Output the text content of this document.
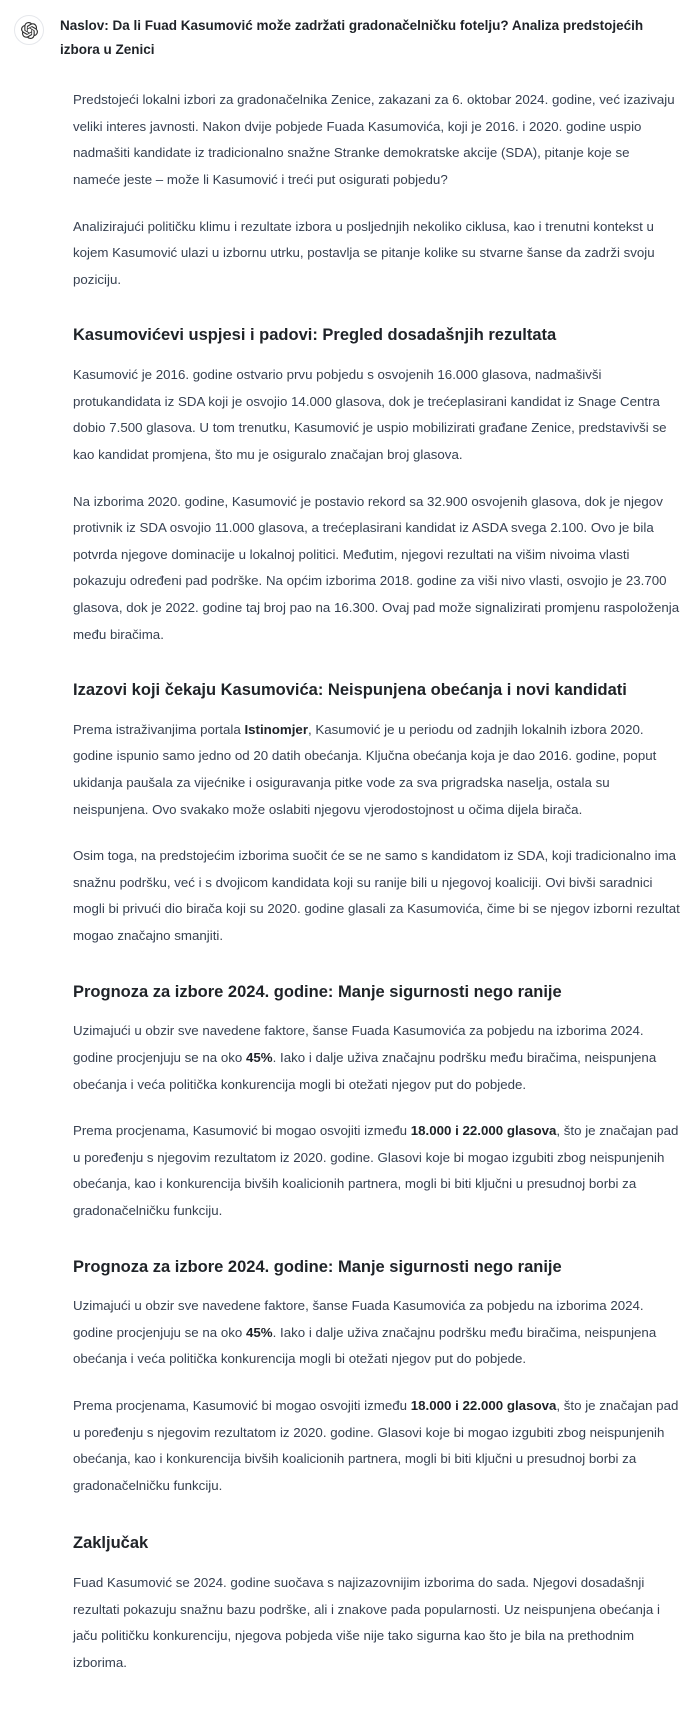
Naslov: Da li Fuad Kasumović može zadržati gradonačelničku fotelju? Analiza predstojećih izbora u Zenici

Predstojeći lokalni izbori za gradonačelnika Zenice, zakazani za 6. oktobar 2024. godine, već izazivaju veliki interes javnosti. Nakon dvije pobjede Fuada Kasumovića, koji je 2016. i 2020. godine uspio nadmašiti kandidate iz tradicionalno snažne Stranke demokratske akcije (SDA), pitanje koje se nameće jeste – može li Kasumović i treći put osigurati pobjedu?

Analizirajući političku klimu i rezultate izbora u posljednjih nekoliko ciklusa, kao i trenutni kontekst u kojem Kasumović ulazi u izbornu utrku, postavlja se pitanje kolike su stvarne šanse da zadrži svoju poziciju.

Kasumovićevi uspjesi i padovi: Pregled dosadašnjih rezultata

Kasumović je 2016. godine ostvario prvu pobjedu s osvojenih 16.000 glasova, nadmašivši protukandidata iz SDA koji je osvojio 14.000 glasova, dok je trećeplasirani kandidat iz Snage Centra dobio 7.500 glasova. U tom trenutku, Kasumović je uspio mobilizirati građane Zenice, predstavivši se kao kandidat promjena, što mu je osiguralo značajan broj glasova.

Na izborima 2020. godine, Kasumović je postavio rekord sa 32.900 osvojenih glasova, dok je njegov protivnik iz SDA osvojio 11.000 glasova, a trećeplasirani kandidat iz ASDA svega 2.100. Ovo je bila potvrda njegove dominacije u lokalnoj politici. Međutim, njegovi rezultati na višim nivoima vlasti pokazuju određeni pad podrške. Na općim izborima 2018. godine za viši nivo vlasti, osvojio je 23.700 glasova, dok je 2022. godine taj broj pao na 16.300. Ovaj pad može signalizirati promjenu raspoloženja među biračima.

Izazovi koji čekaju Kasumovića: Neispunjena obećanja i novi kandidati

Prema istraživanjima portala Istinomjer, Kasumović je u periodu od zadnjih lokalnih izbora 2020. godine ispunio samo jedno od 20 datih obećanja. Ključna obećanja koja je dao 2016. godine, poput ukidanja paušala za vijećnike i osiguravanja pitke vode za sva prigradska naselja, ostala su neispunjena. Ovo svakako može oslabiti njegovu vjerodostojnost u očima dijela birača.

Osim toga, na predstojećim izborima suočit će se ne samo s kandidatom iz SDA, koji tradicionalno ima snažnu podršku, već i s dvojicom kandidata koji su ranije bili u njegovoj koaliciji. Ovi bivši saradnici mogli bi privući dio birača koji su 2020. godine glasali za Kasumovića, čime bi se njegov izborni rezultat mogao značajno smanjiti.

Prognoza za izbore 2024. godine: Manje sigurnosti nego ranije

Uzimajući u obzir sve navedene faktore, šanse Fuada Kasumovića za pobjedu na izborima 2024. godine procjenjuju se na oko 45%. Iako i dalje uživa značajnu podršku među biračima, neispunjena obećanja i veća politička konkurencija mogli bi otežati njegov put do pobjede.

Prema procjenama, Kasumović bi mogao osvojiti između 18.000 i 22.000 glasova, što je značajan pad u poređenju s njegovim rezultatom iz 2020. godine. Glasovi koje bi mogao izgubiti zbog neispunjenih obećanja, kao i konkurencija bivših koalicionih partnera, mogli bi biti ključni u presudnoj borbi za gradonačelničku funkciju.

Prognoza za izbore 2024. godine: Manje sigurnosti nego ranije

Uzimajući u obzir sve navedene faktore, šanse Fuada Kasumovića za pobjedu na izborima 2024. godine procjenjuju se na oko 45%. Iako i dalje uživa značajnu podršku među biračima, neispunjena obećanja i veća politička konkurencija mogli bi otežati njegov put do pobjede.

Prema procjenama, Kasumović bi mogao osvojiti između 18.000 i 22.000 glasova, što je značajan pad u poređenju s njegovim rezultatom iz 2020. godine. Glasovi koje bi mogao izgubiti zbog neispunjenih obećanja, kao i konkurencija bivših koalicionih partnera, mogli bi biti ključni u presudnoj borbi za gradonačelničku funkciju.

Zaključak

Fuad Kasumović se 2024. godine suočava s najizazovnijim izborima do sada. Njegovi dosadašnji rezultati pokazuju snažnu bazu podrške, ali i znakove pada popularnosti. Uz neispunjena obećanja i jaču političku konkurenciju, njegova pobjeda više nije tako sigurna kao što je bila na prethodnim izborima.
